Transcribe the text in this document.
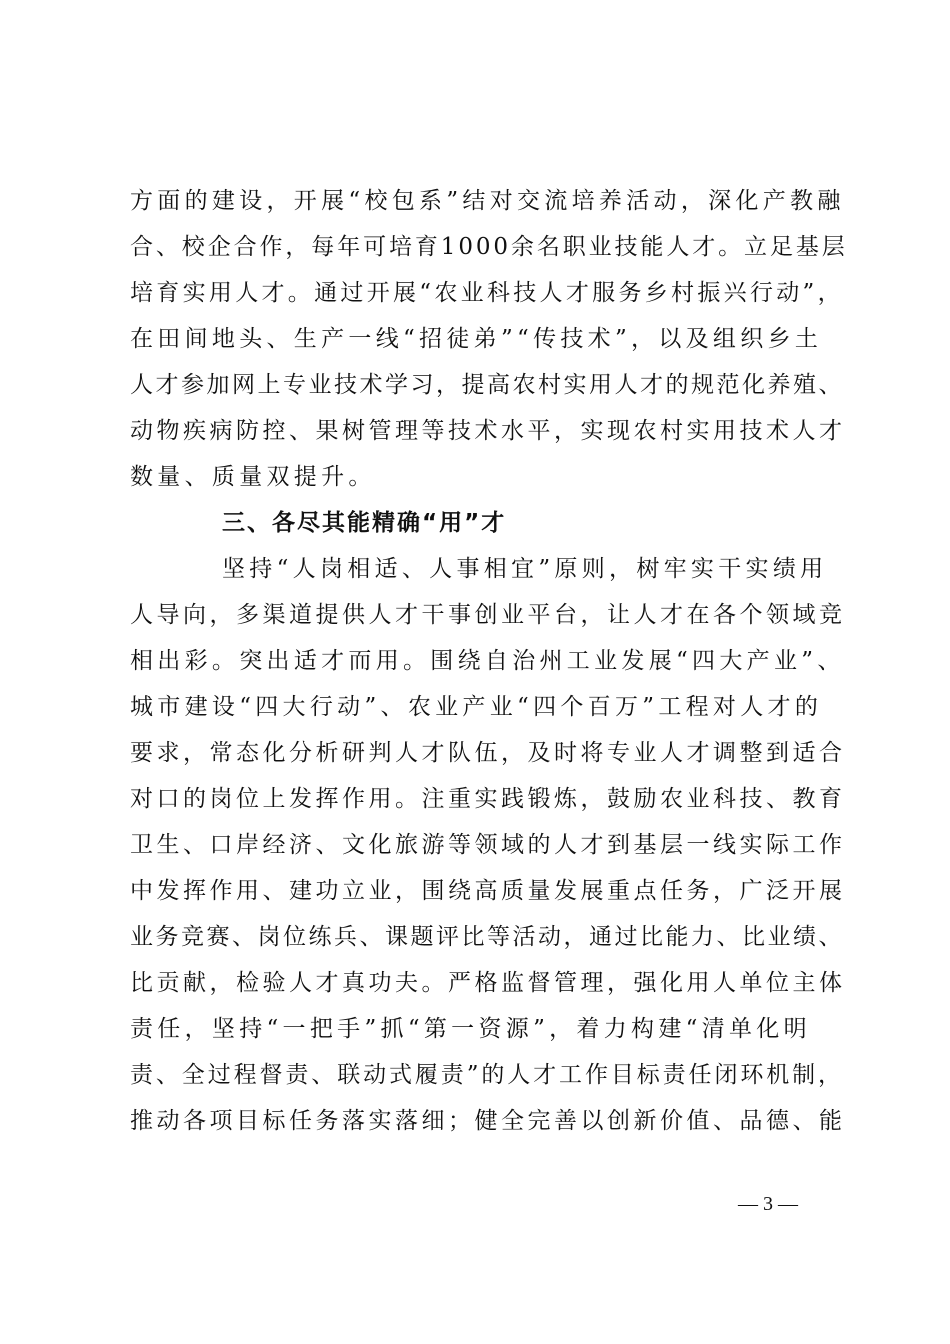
方面的建设，开展“校包系”结对交流培养活动，深化产教融
合、校企合作，每年可培育1000余名职业技能人才。立足基层
培育实用人才。通过开展“农业科技人才服务乡村振兴行动”，
在田间地头、生产一线“招徒弟”“传技术”，以及组织乡土
人才参加网上专业技术学习，提高农村实用人才的规范化养殖、
动物疾病防控、果树管理等技术水平，实现农村实用技术人才
数量、质量双提升。
三、各尽其能精确“用”才
坚持“人岗相适、人事相宜”原则，树牢实干实绩用
人导向，多渠道提供人才干事创业平台，让人才在各个领域竞
相出彩。突出适才而用。围绕自治州工业发展“四大产业”、
城市建设“四大行动”、农业产业“四个百万”工程对人才的
要求，常态化分析研判人才队伍，及时将专业人才调整到适合
对口的岗位上发挥作用。注重实践锻炼，鼓励农业科技、教育
卫生、口岸经济、文化旅游等领域的人才到基层一线实际工作
中发挥作用、建功立业，围绕高质量发展重点任务，广泛开展
业务竞赛、岗位练兵、课题评比等活动，通过比能力、比业绩、
比贡献，检验人才真功夫。严格监督管理，强化用人单位主体
责任，坚持“一把手”抓“第一资源”，着力构建“清单化明
责、全过程督责、联动式履责”的人才工作目标责任闭环机制，
推动各项目标任务落实落细；健全完善以创新价值、品德、能
— 3 —
